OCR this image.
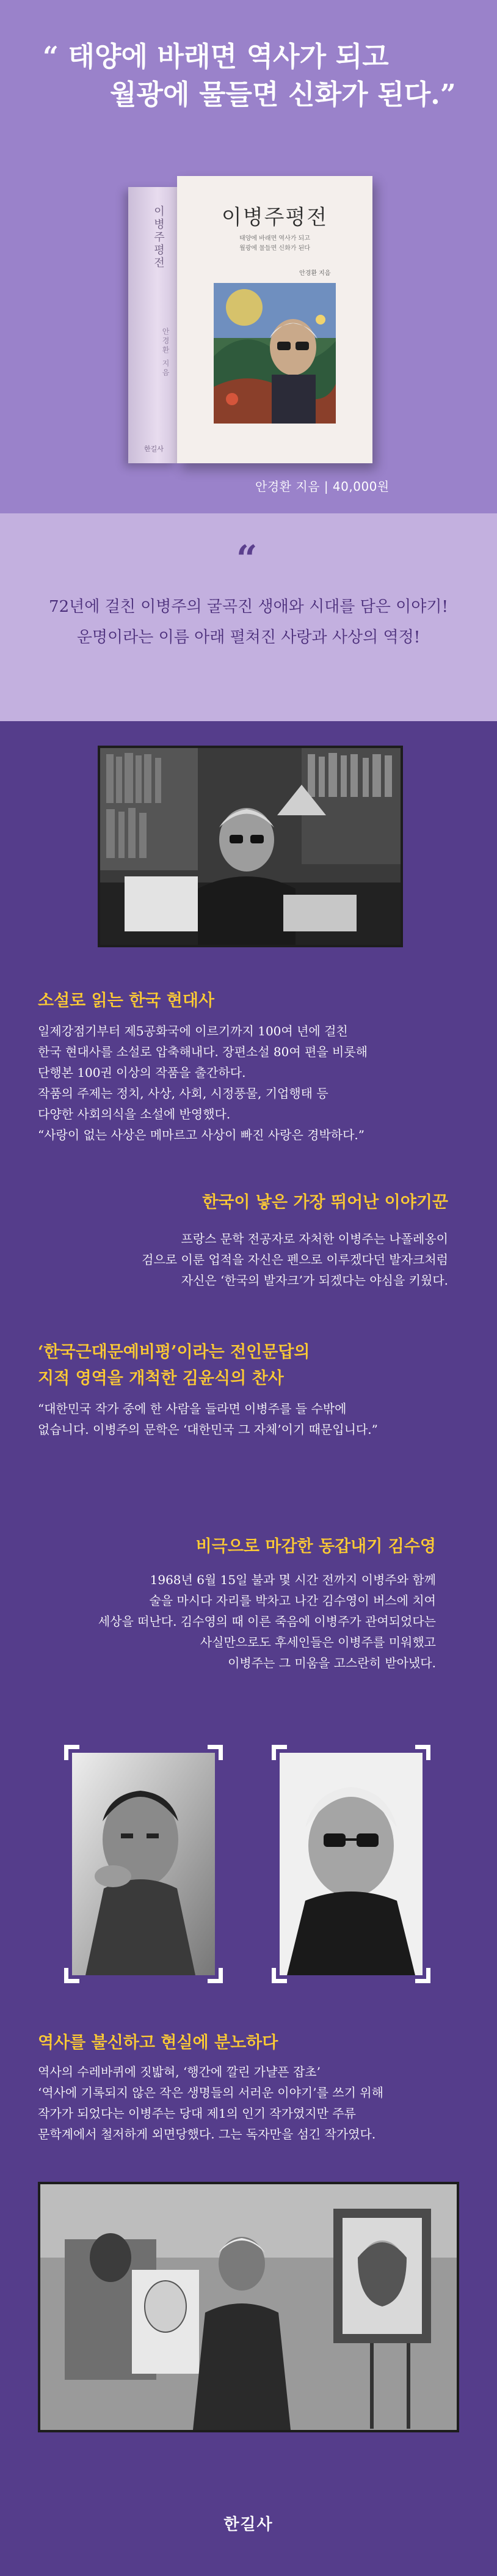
“ 태양에 바래면 역사가 되고
월광에 물들면 신화가 된다.”
이병주평전
안경환 지음
한길사
이병주평전
태양에 바래면 역사가 되고
월광에 물들면 신화가 된다
안경환 지음
안경환 지음 | 40,000원
“
72년에 걸친 이병주의 굴곡진 생애와 시대를 담은 이야기!
운명이라는 이름 아래 펼쳐진 사랑과 사상의 역정!
소설로 읽는 한국 현대사
일제강점기부터 제5공화국에 이르기까지 100여 년에 걸친
한국 현대사를 소설로 압축해내다. 장편소설 80여 편을 비롯해
단행본 100권 이상의 작품을 출간하다.
작품의 주제는 정치, 사상, 사회, 시정풍물, 기업행태 등
다양한 사회의식을 소설에 반영했다.
“사랑이 없는 사상은 메마르고 사상이 빠진 사랑은 경박하다.”
한국이 낳은 가장 뛰어난 이야기꾼
프랑스 문학 전공자로 자처한 이병주는 나폴레옹이
검으로 이룬 업적을 자신은 펜으로 이루겠다던 발자크처럼
자신은 ‘한국의 발자크’가 되겠다는 야심을 키웠다.
‘한국근대문예비평’이라는 전인문답의
지적 영역을 개척한 김윤식의 찬사
“대한민국 작가 중에 한 사람을 들라면 이병주를 들 수밖에
없습니다. 이병주의 문학은 ‘대한민국 그 자체’이기 때문입니다.”
비극으로 마감한 동갑내기 김수영
1968년 6월 15일 불과 몇 시간 전까지 이병주와 함께
술을 마시다 자리를 박차고 나간 김수영이 버스에 치여
세상을 떠난다. 김수영의 때 이른 죽음에 이병주가 관여되었다는
사실만으로도 후세인들은 이병주를 미워했고
이병주는 그 미움을 고스란히 받아냈다.
역사를 불신하고 현실에 분노하다
역사의 수레바퀴에 짓밟혀, ‘행간에 깔린 가냘픈 잡초’
‘역사에 기록되지 않은 작은 생명들의 서러운 이야기’를 쓰기 위해
작가가 되었다는 이병주는 당대 제1의 인기 작가였지만 주류
문학계에서 철저하게 외면당했다. 그는 독자만을 섬긴 작가였다.
한길사
